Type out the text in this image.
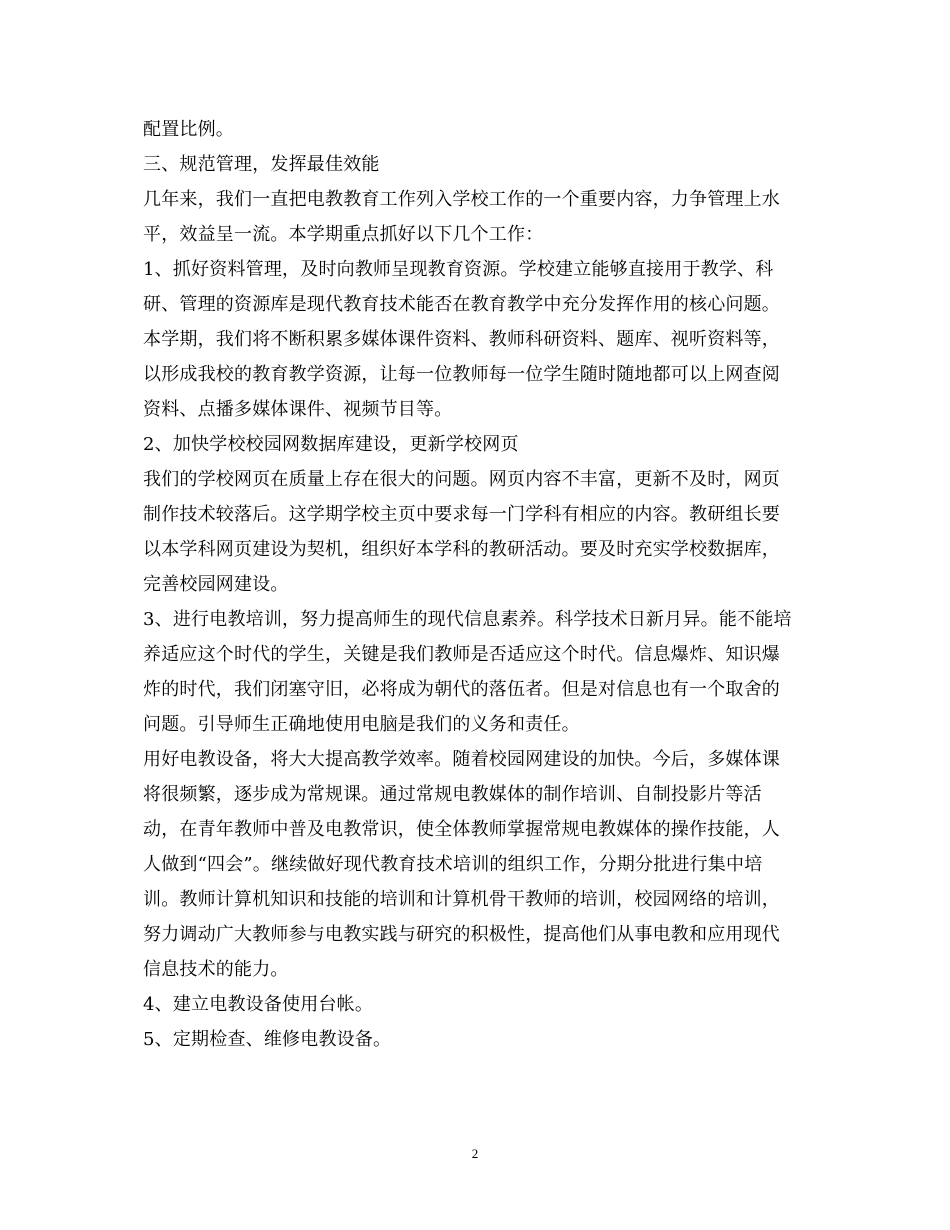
配置比例。
三、规范管理，发挥最佳效能
几年来，我们一直把电教教育工作列入学校工作的一个重要内容，力争管理上水
平，效益呈一流。本学期重点抓好以下几个工作：
1、抓好资料管理，及时向教师呈现教育资源。学校建立能够直接用于教学、科
研、管理的资源库是现代教育技术能否在教育教学中充分发挥作用的核心问题。
本学期，我们将不断积累多媒体课件资料、教师科研资料、题库、视听资料等，
以形成我校的教育教学资源，让每一位教师每一位学生随时随地都可以上网查阅
资料、点播多媒体课件、视频节目等。
2、加快学校校园网数据库建设，更新学校网页
我们的学校网页在质量上存在很大的问题。网页内容不丰富，更新不及时，网页
制作技术较落后。这学期学校主页中要求每一门学科有相应的内容。教研组长要
以本学科网页建设为契机，组织好本学科的教研活动。要及时充实学校数据库，
完善校园网建设。
3、进行电教培训，努力提高师生的现代信息素养。科学技术日新月异。能不能培
养适应这个时代的学生，关键是我们教师是否适应这个时代。信息爆炸、知识爆
炸的时代，我们闭塞守旧，必将成为朝代的落伍者。但是对信息也有一个取舍的
问题。引导师生正确地使用电脑是我们的义务和责任。
用好电教设备，将大大提高教学效率。随着校园网建设的加快。今后，多媒体课
将很频繁，逐步成为常规课。通过常规电教媒体的制作培训、自制投影片等活
动，在青年教师中普及电教常识，使全体教师掌握常规电教媒体的操作技能，人
人做到“四会”。继续做好现代教育技术培训的组织工作，分期分批进行集中培
训。教师计算机知识和技能的培训和计算机骨干教师的培训，校园网络的培训，
努力调动广大教师参与电教实践与研究的积极性，提高他们从事电教和应用现代
信息技术的能力。
4、建立电教设备使用台帐。
5、定期检查、维修电教设备。
2
